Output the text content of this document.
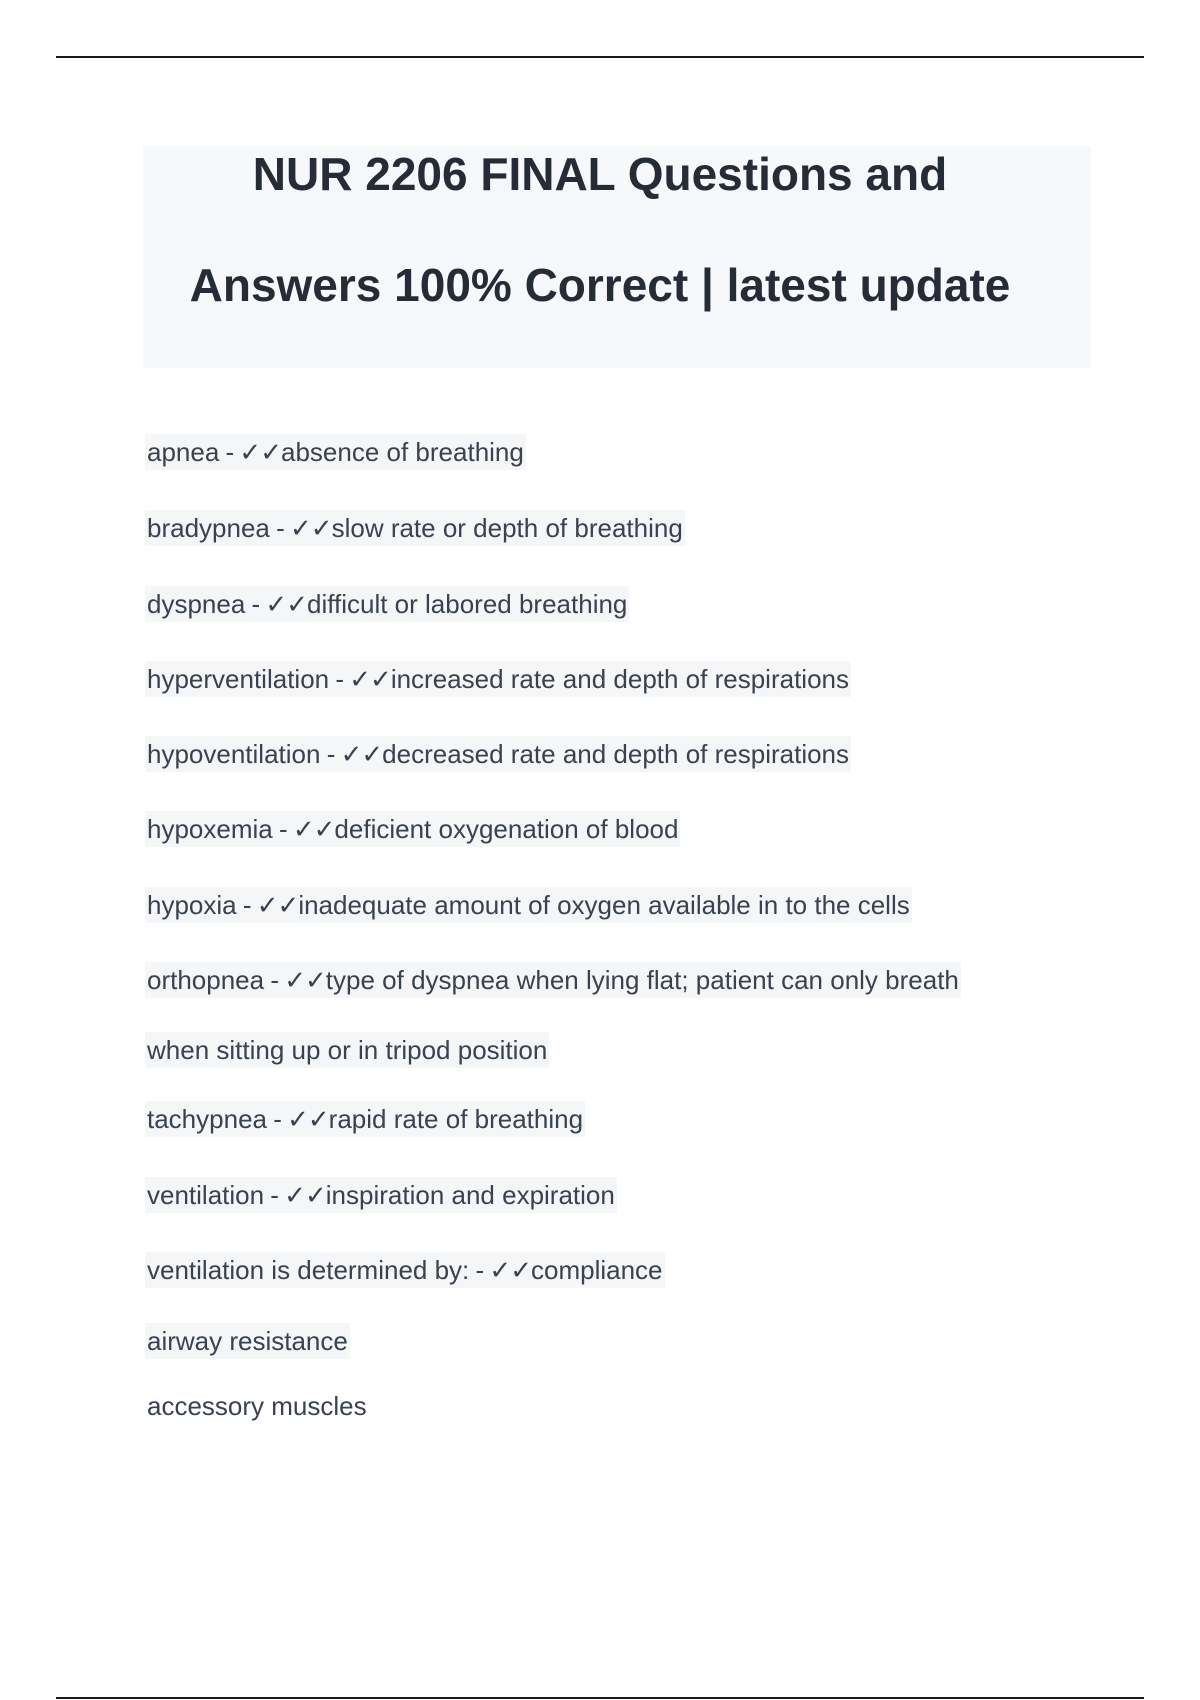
NUR 2206 FINAL Questions and
Answers 100% Correct | latest update
apnea - ✓✓absence of breathing
bradypnea - ✓✓slow rate or depth of breathing
dyspnea - ✓✓difficult or labored breathing
hyperventilation - ✓✓increased rate and depth of respirations
hypoventilation - ✓✓decreased rate and depth of respirations
hypoxemia - ✓✓deficient oxygenation of blood
hypoxia - ✓✓inadequate amount of oxygen available in to the cells
orthopnea - ✓✓type of dyspnea when lying flat; patient can only breath
when sitting up or in tripod position
tachypnea - ✓✓rapid rate of breathing
ventilation - ✓✓inspiration and expiration
ventilation is determined by: - ✓✓compliance
airway resistance
accessory muscles
